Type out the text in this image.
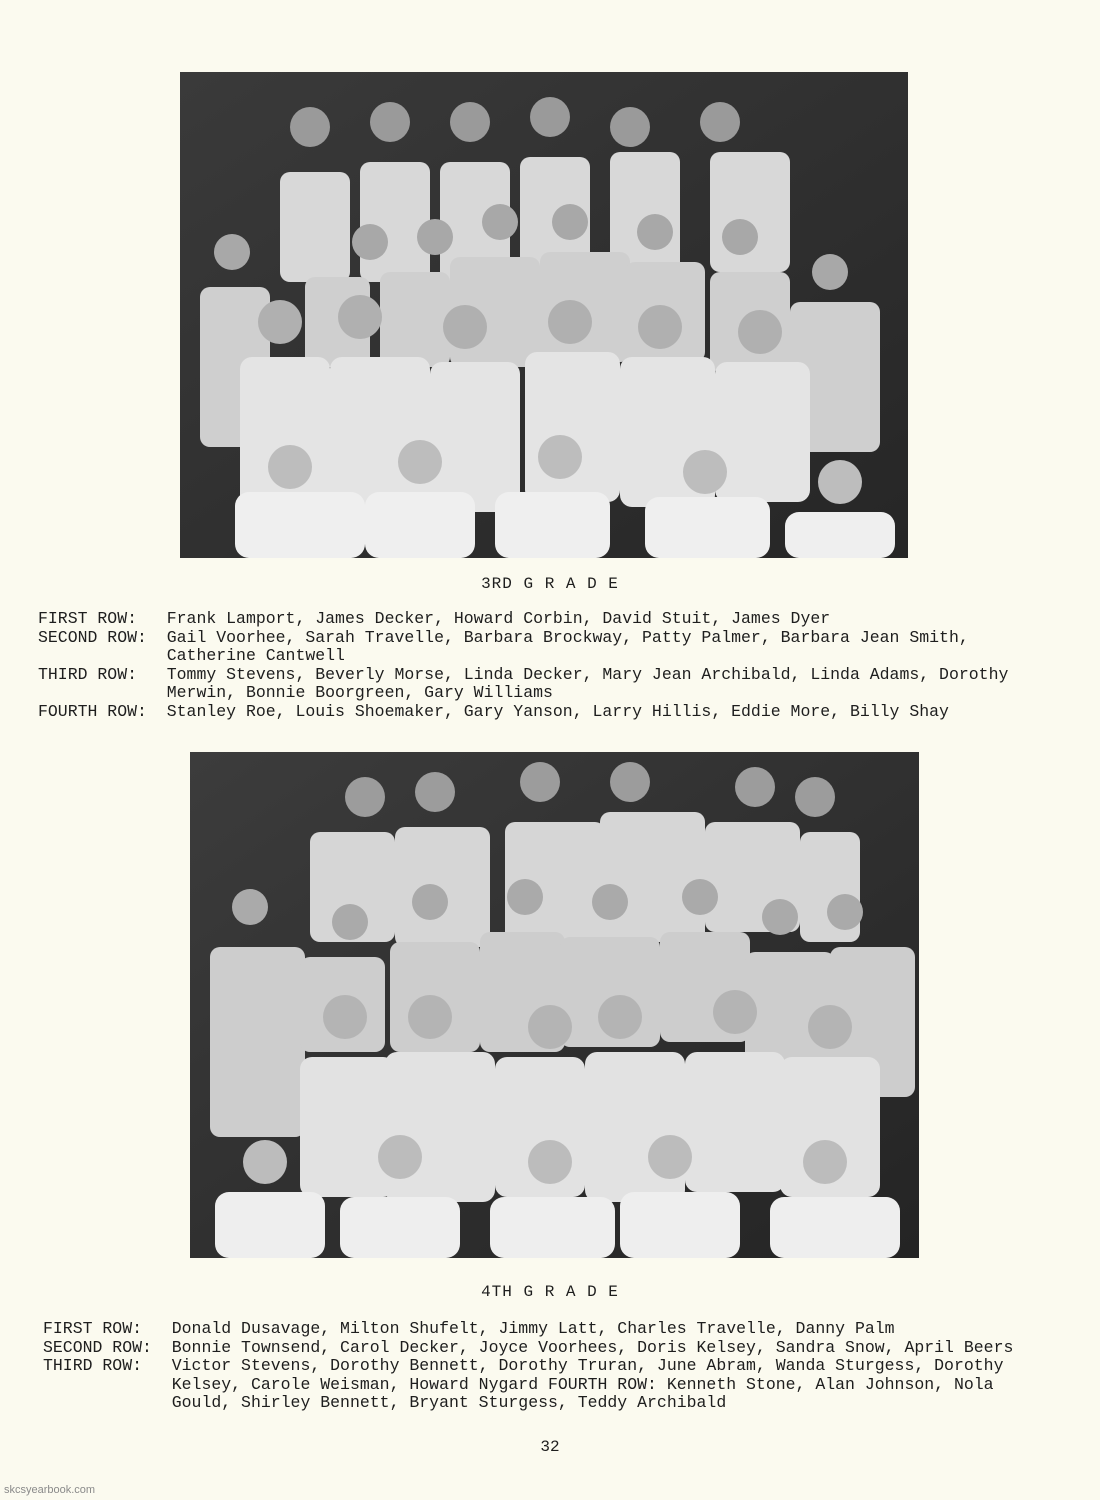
3RD G R A D E
FIRST ROW: Frank Lamport, James Decker, Howard Corbin, David Stuit, James Dyer
SECOND ROW: Gail Voorhee, Sarah Travelle, Barbara Brockway, Patty Palmer, Barbara Jean Smith, Catherine Cantwell
THIRD ROW: Tommy Stevens, Beverly Morse, Linda Decker, Mary Jean Archibald, Linda Adams, Dorothy Merwin, Bonnie Boorgreen, Gary Williams
FOURTH ROW: Stanley Roe, Louis Shoemaker, Gary Yanson, Larry Hillis, Eddie More, Billy Shay
4TH G R A D E
FIRST ROW: Donald Dusavage, Milton Shufelt, Jimmy Latt, Charles Travelle, Danny Palm
SECOND ROW: Bonnie Townsend, Carol Decker, Joyce Voorhees, Doris Kelsey, Sandra Snow, April Beers
THIRD ROW: Victor Stevens, Dorothy Bennett, Dorothy Truran, June Abram, Wanda Sturgess, Dorothy Kelsey, Carole Weisman, Howard Nygard FOURTH ROW: Kenneth Stone, Alan Johnson, Nola Gould, Shirley Bennett, Bryant Sturgess, Teddy Archibald
32
skcsyearbook.com
